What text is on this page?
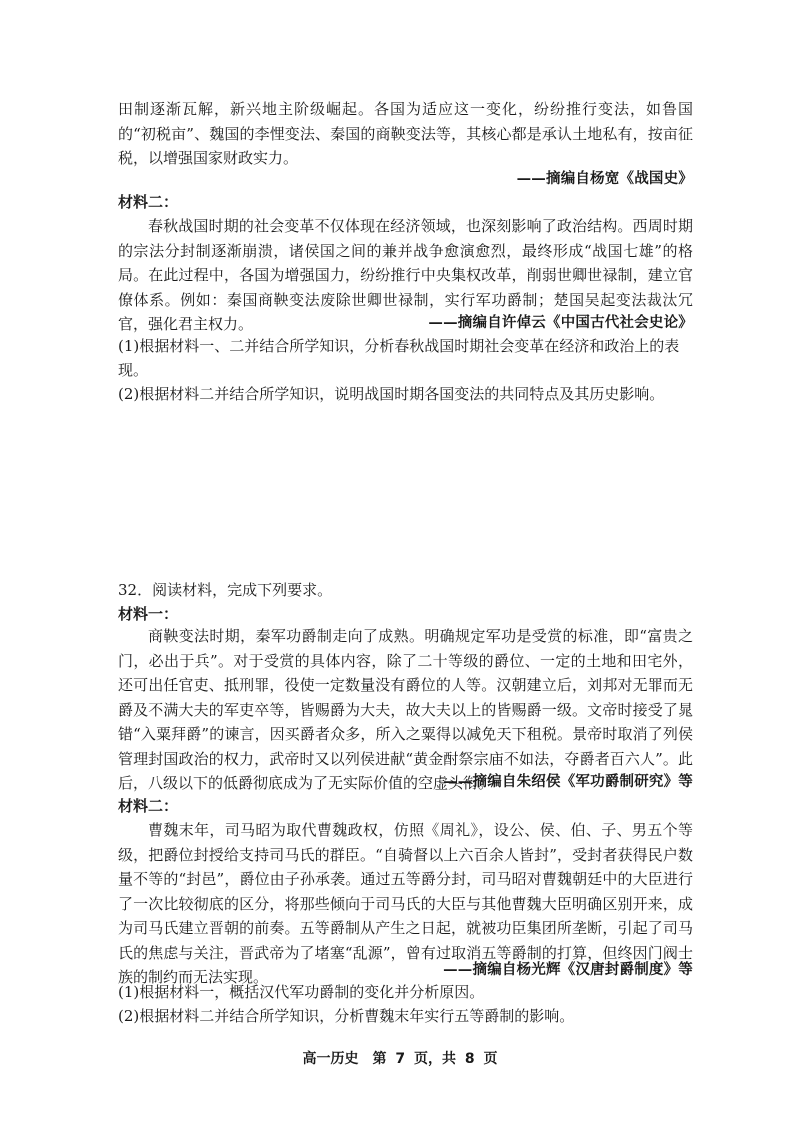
田制逐渐瓦解，新兴地主阶级崛起。各国为适应这一变化，纷纷推行变法，如鲁国的“初税亩”、魏国的李悝变法、秦国的商鞅变法等，其核心都是承认土地私有，按亩征税，以增强国家财政实力。

——摘编自杨宽《战国史》

材料二：

春秋战国时期的社会变革不仅体现在经济领域，也深刻影响了政治结构。西周时期的宗法分封制逐渐崩溃，诸侯国之间的兼并战争愈演愈烈，最终形成“战国七雄”的格局。在此过程中，各国为增强国力，纷纷推行中央集权改革，削弱世卿世禄制，建立官僚体系。例如：秦国商鞅变法废除世卿世禄制，实行军功爵制；楚国吴起变法裁汰冗官，强化君主权力。	——摘编自许倬云《中国古代社会史论》

(1)根据材料一、二并结合所学知识，分析春秋战国时期社会变革在经济和政治上的表现。

(2)根据材料二并结合所学知识，说明战国时期各国变法的共同特点及其历史影响。

32．阅读材料，完成下列要求。

材料一：

商鞅变法时期，秦军功爵制走向了成熟。明确规定军功是受赏的标准，即“富贵之门，必出于兵”。对于受赏的具体内容，除了二十等级的爵位、一定的土地和田宅外，还可出任官吏、抵刑罪，役使一定数量没有爵位的人等。汉朝建立后，刘邦对无罪而无爵及不满大夫的军吏卒等，皆赐爵为大夫，故大夫以上的皆赐爵一级。文帝时接受了晁错“入粟拜爵”的谏言，因买爵者众多，所入之粟得以减免天下租税。景帝时取消了列侯管理封国政治的权力，武帝时又以列侯进献“黄金酎祭宗庙不如法，夺爵者百六人”。此后，八级以下的低爵彻底成为了无实际价值的空虚头衔。

——摘编自朱绍侯《军功爵制研究》等

材料二：

曹魏末年，司马昭为取代曹魏政权，仿照《周礼》，设公、侯、伯、子、男五个等级，把爵位封授给支持司马氏的群臣。“自骑督以上六百余人皆封”，受封者获得民户数量不等的“封邑”，爵位由子孙承袭。通过五等爵分封，司马昭对曹魏朝廷中的大臣进行了一次比较彻底的区分，将那些倾向于司马氏的大臣与其他曹魏大臣明确区别开来，成为司马氏建立晋朝的前奏。五等爵制从产生之日起，就被功臣集团所垄断，引起了司马氏的焦虑与关注，晋武帝为了堵塞“乱源”，曾有过取消五等爵制的打算，但终因门阀士族的制约而无法实现。	——摘编自杨光辉《汉唐封爵制度》等

(1)根据材料一，概括汉代军功爵制的变化并分析原因。

(2)根据材料二并结合所学知识，分析曹魏末年实行五等爵制的影响。

高一历史　第 7 页，共 8 页
